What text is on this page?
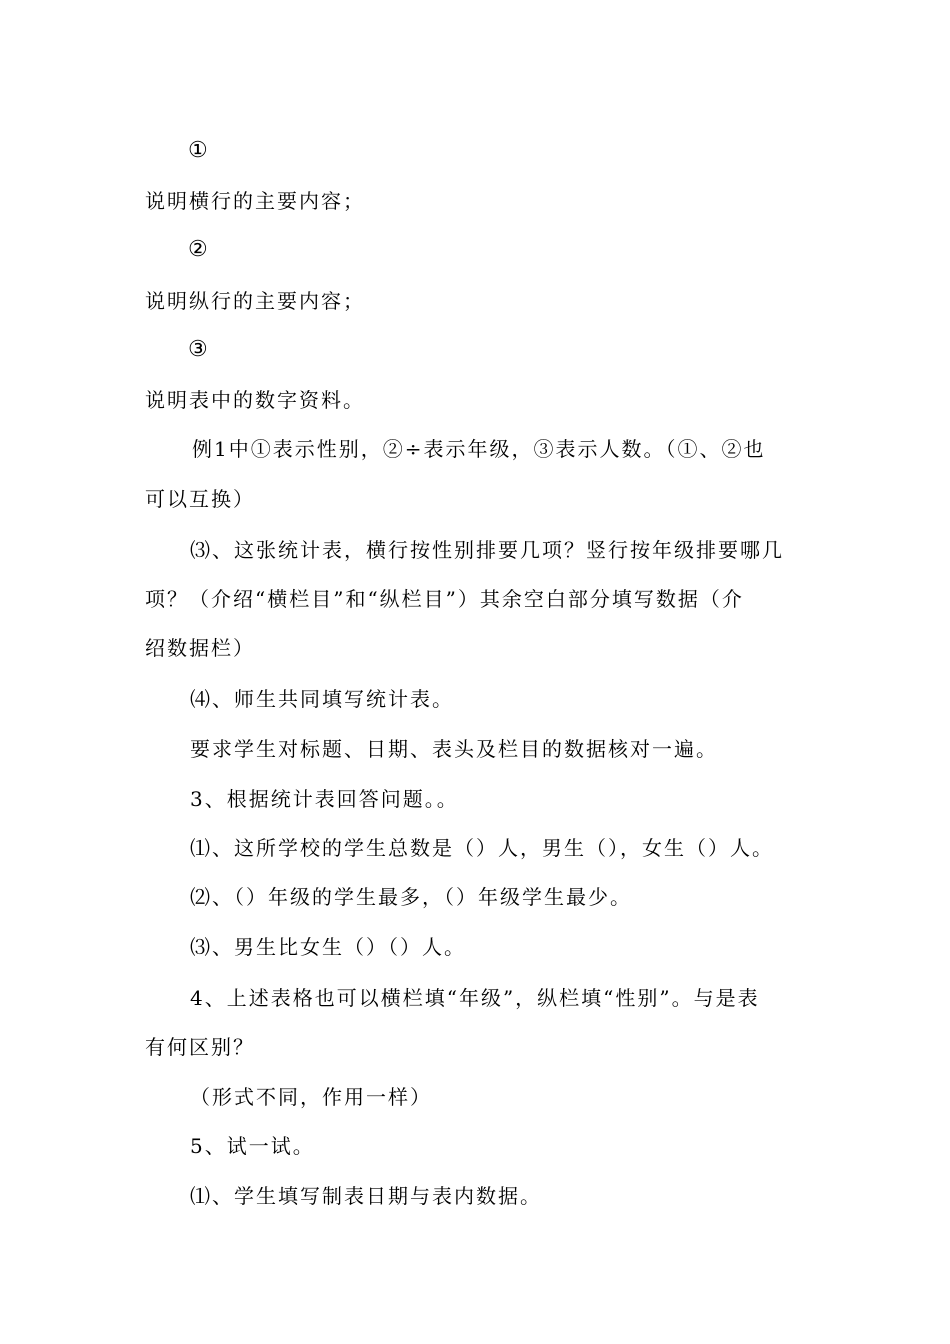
①
说明横行的主要内容；
②
说明纵行的主要内容；
③
说明表中的数字资料。
例1中①表示性别，②÷表示年级，③表示人数。（①、②也
可以互换）
⑶、这张统计表，横行按性别排要几项？竖行按年级排要哪几
项？（介绍“横栏目”和“纵栏目”）其余空白部分填写数据（介
绍数据栏）
⑷、师生共同填写统计表。
要求学生对标题、日期、表头及栏目的数据核对一遍。
3、根据统计表回答问题。。
⑴、这所学校的学生总数是（）人，男生（），女生（）人。
⑵、（）年级的学生最多，（）年级学生最少。
⑶、男生比女生（）（）人。
4、上述表格也可以横栏填“年级”，纵栏填“性别”。与是表
有何区别？
（形式不同，作用一样）
5、试一试。
⑴、学生填写制表日期与表内数据。
